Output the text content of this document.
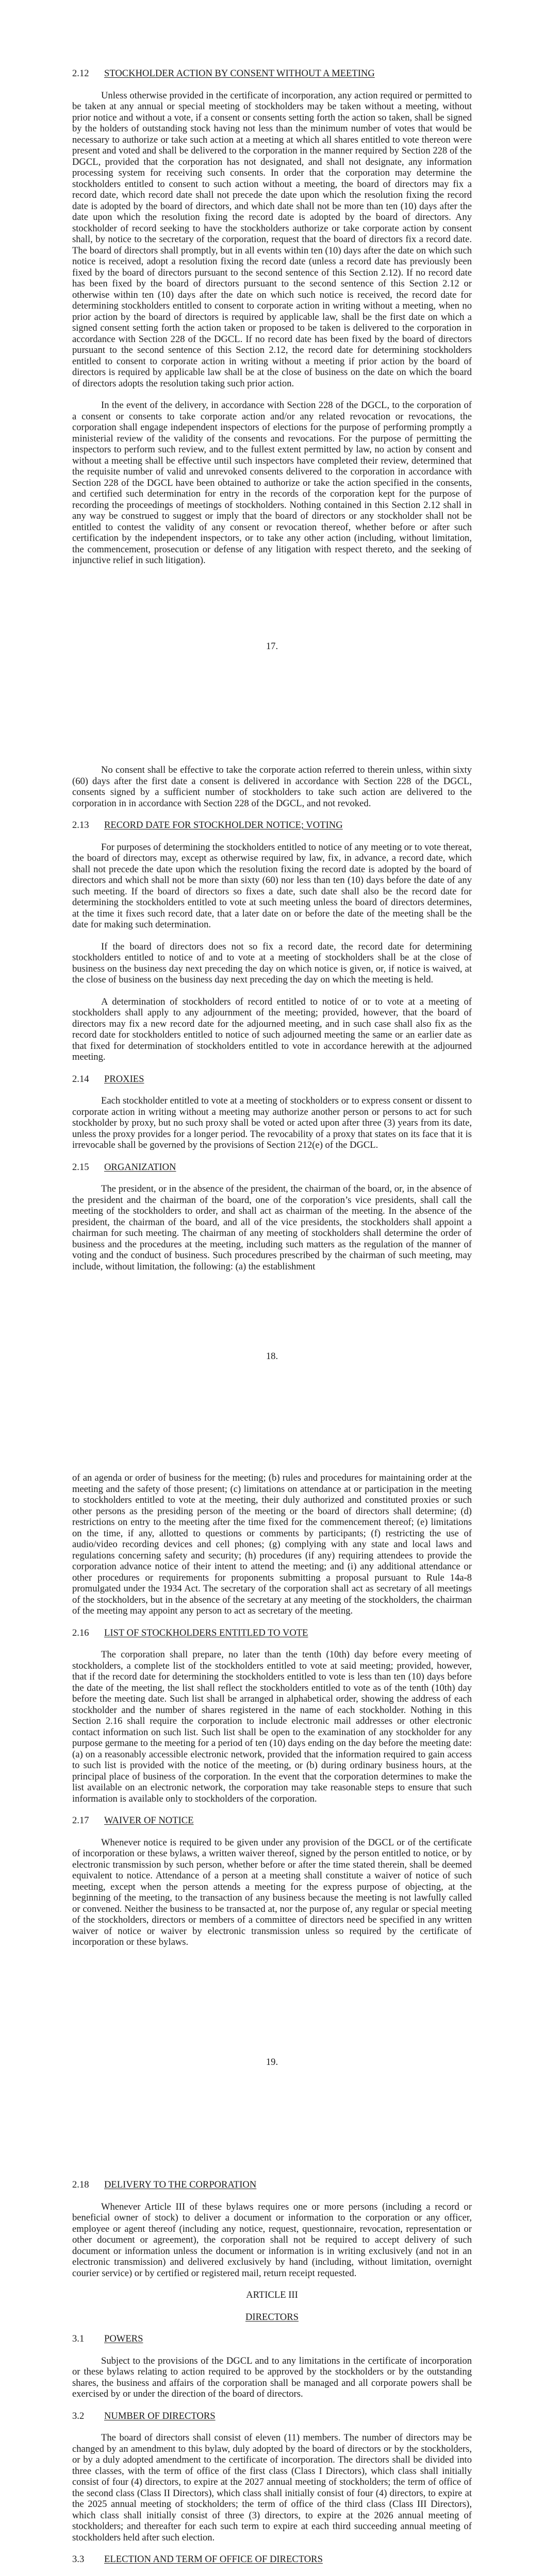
2.12	STOCKHOLDER ACTION BY CONSENT WITHOUT A MEETING

Unless otherwise provided in the certificate of incorporation, any action required or permitted to be taken at any annual or special meeting of stockholders may be taken without a meeting, without prior notice and without a vote, if a consent or consents setting forth the action so taken, shall be signed by the holders of outstanding stock having not less than the minimum number of votes that would be necessary to authorize or take such action at a meeting at which all shares entitled to vote thereon were present and voted and shall be delivered to the corporation in the manner required by Section 228 of the DGCL, provided that the corporation has not designated, and shall not designate, any information processing system for receiving such consents. In order that the corporation may determine the stockholders entitled to consent to such action without a meeting, the board of directors may fix a record date, which record date shall not precede the date upon which the resolution fixing the record date is adopted by the board of directors, and which date shall not be more than ten (10) days after the date upon which the resolution fixing the record date is adopted by the board of directors. Any stockholder of record seeking to have the stockholders authorize or take corporate action by consent shall, by notice to the secretary of the corporation, request that the board of directors fix a record date. The board of directors shall promptly, but in all events within ten (10) days after the date on which such notice is received, adopt a resolution fixing the record date (unless a record date has previously been fixed by the board of directors pursuant to the second sentence of this Section 2.12). If no record date has been fixed by the board of directors pursuant to the second sentence of this Section 2.12 or otherwise within ten (10) days after the date on which such notice is received, the record date for determining stockholders entitled to consent to corporate action in writing without a meeting, when no prior action by the board of directors is required by applicable law, shall be the first date on which a signed consent setting forth the action taken or proposed to be taken is delivered to the corporation in accordance with Section 228 of the DGCL. If no record date has been fixed by the board of directors pursuant to the second sentence of this Section 2.12, the record date for determining stockholders entitled to consent to corporate action in writing without a meeting if prior action by the board of directors is required by applicable law shall be at the close of business on the date on which the board of directors adopts the resolution taking such prior action.

In the event of the delivery, in accordance with Section 228 of the DGCL, to the corporation of a consent or consents to take corporate action and/or any related revocation or revocations, the corporation shall engage independent inspectors of elections for the purpose of performing promptly a ministerial review of the validity of the consents and revocations. For the purpose of permitting the inspectors to perform such review, and to the fullest extent permitted by law, no action by consent and without a meeting shall be effective until such inspectors have completed their review, determined that the requisite number of valid and unrevoked consents delivered to the corporation in accordance with Section 228 of the DGCL have been obtained to authorize or take the action specified in the consents, and certified such determination for entry in the records of the corporation kept for the purpose of recording the proceedings of meetings of stockholders. Nothing contained in this Section 2.12 shall in any way be construed to suggest or imply that the board of directors or any stockholder shall not be entitled to contest the validity of any consent or revocation thereof, whether before or after such certification by the independent inspectors, or to take any other action (including, without limitation, the commencement, prosecution or defense of any litigation with respect thereto, and the seeking of injunctive relief in such litigation).

17.

No consent shall be effective to take the corporate action referred to therein unless, within sixty (60) days after the first date a consent is delivered in accordance with Section 228 of the DGCL, consents signed by a sufficient number of stockholders to take such action are delivered to the corporation in in accordance with Section 228 of the DGCL, and not revoked.

2.13	RECORD DATE FOR STOCKHOLDER NOTICE; VOTING

For purposes of determining the stockholders entitled to notice of any meeting or to vote thereat, the board of directors may, except as otherwise required by law, fix, in advance, a record date, which shall not precede the date upon which the resolution fixing the record date is adopted by the board of directors and which shall not be more than sixty (60) nor less than ten (10) days before the date of any such meeting. If the board of directors so fixes a date, such date shall also be the record date for determining the stockholders entitled to vote at such meeting unless the board of directors determines, at the time it fixes such record date, that a later date on or before the date of the meeting shall be the date for making such determination.

If the board of directors does not so fix a record date, the record date for determining stockholders entitled to notice of and to vote at a meeting of stockholders shall be at the close of business on the business day next preceding the day on which notice is given, or, if notice is waived, at the close of business on the business day next preceding the day on which the meeting is held.

A determination of stockholders of record entitled to notice of or to vote at a meeting of stockholders shall apply to any adjournment of the meeting; provided, however, that the board of directors may fix a new record date for the adjourned meeting, and in such case shall also fix as the record date for stockholders entitled to notice of such adjourned meeting the same or an earlier date as that fixed for determination of stockholders entitled to vote in accordance herewith at the adjourned meeting.

2.14	PROXIES

Each stockholder entitled to vote at a meeting of stockholders or to express consent or dissent to corporate action in writing without a meeting may authorize another person or persons to act for such stockholder by proxy, but no such proxy shall be voted or acted upon after three (3) years from its date, unless the proxy provides for a longer period. The revocability of a proxy that states on its face that it is irrevocable shall be governed by the provisions of Section 212(e) of the DGCL.

2.15	ORGANIZATION

The president, or in the absence of the president, the chairman of the board, or, in the absence of the president and the chairman of the board, one of the corporation’s vice presidents, shall call the meeting of the stockholders to order, and shall act as chairman of the meeting. In the absence of the president, the chairman of the board, and all of the vice presidents, the stockholders shall appoint a chairman for such meeting. The chairman of any meeting of stockholders shall determine the order of business and the procedures at the meeting, including such matters as the regulation of the manner of voting and the conduct of business. Such procedures prescribed by the chairman of such meeting, may include, without limitation, the following: (a) the establishment

18.

of an agenda or order of business for the meeting; (b) rules and procedures for maintaining order at the meeting and the safety of those present; (c) limitations on attendance at or participation in the meeting to stockholders entitled to vote at the meeting, their duly authorized and constituted proxies or such other persons as the presiding person of the meeting or the board of directors shall determine; (d) restrictions on entry to the meeting after the time fixed for the commencement thereof; (e) limitations on the time, if any, allotted to questions or comments by participants; (f) restricting the use of audio/video recording devices and cell phones; (g) complying with any state and local laws and regulations concerning safety and security; (h) procedures (if any) requiring attendees to provide the corporation advance notice of their intent to attend the meeting; and (i) any additional attendance or other procedures or requirements for proponents submitting a proposal pursuant to Rule 14a-8 promulgated under the 1934 Act. The secretary of the corporation shall act as secretary of all meetings of the stockholders, but in the absence of the secretary at any meeting of the stockholders, the chairman of the meeting may appoint any person to act as secretary of the meeting.

2.16	LIST OF STOCKHOLDERS ENTITLED TO VOTE

The corporation shall prepare, no later than the tenth (10th) day before every meeting of stockholders, a complete list of the stockholders entitled to vote at said meeting; provided, however, that if the record date for determining the stockholders entitled to vote is less than ten (10) days before the date of the meeting, the list shall reflect the stockholders entitled to vote as of the tenth (10th) day before the meeting date. Such list shall be arranged in alphabetical order, showing the address of each stockholder and the number of shares registered in the name of each stockholder. Nothing in this Section 2.16 shall require the corporation to include electronic mail addresses or other electronic contact information on such list. Such list shall be open to the examination of any stockholder for any purpose germane to the meeting for a period of ten (10) days ending on the day before the meeting date: (a) on a reasonably accessible electronic network, provided that the information required to gain access to such list is provided with the notice of the meeting, or (b) during ordinary business hours, at the principal place of business of the corporation. In the event that the corporation determines to make the list available on an electronic network, the corporation may take reasonable steps to ensure that such information is available only to stockholders of the corporation.

2.17	WAIVER OF NOTICE

Whenever notice is required to be given under any provision of the DGCL or of the certificate of incorporation or these bylaws, a written waiver thereof, signed by the person entitled to notice, or by electronic transmission by such person, whether before or after the time stated therein, shall be deemed equivalent to notice. Attendance of a person at a meeting shall constitute a waiver of notice of such meeting, except when the person attends a meeting for the express purpose of objecting, at the beginning of the meeting, to the transaction of any business because the meeting is not lawfully called or convened. Neither the business to be transacted at, nor the purpose of, any regular or special meeting of the stockholders, directors or members of a committee of directors need be specified in any written waiver of notice or waiver by electronic transmission unless so required by the certificate of incorporation or these bylaws.

19.
2.18	DELIVERY TO THE CORPORATION

Whenever Article III of these bylaws requires one or more persons (including a record or beneficial owner of stock) to deliver a document or information to the corporation or any officer, employee or agent thereof (including any notice, request, questionnaire, revocation, representation or other document or agreement), the corporation shall not be required to accept delivery of such document or information unless the document or information is in writing exclusively (and not in an electronic transmission) and delivered exclusively by hand (including, without limitation, overnight courier service) or by certified or registered mail, return receipt requested.

ARTICLE III
DIRECTORS
3.1	POWERS

Subject to the provisions of the DGCL and to any limitations in the certificate of incorporation or these bylaws relating to action required to be approved by the stockholders or by the outstanding shares, the business and affairs of the corporation shall be managed and all corporate powers shall be exercised by or under the direction of the board of directors.

3.2	NUMBER OF DIRECTORS

The board of directors shall consist of eleven (11) members. The number of directors may be changed by an amendment to this bylaw, duly adopted by the board of directors or by the stockholders, or by a duly adopted amendment to the certificate of incorporation. The directors shall be divided into three classes, with the term of office of the first class (Class I Directors), which class shall initially consist of four (4) directors, to expire at the 2027 annual meeting of stockholders; the term of office of the second class (Class II Directors), which class shall initially consist of four (4) directors, to expire at the 2025 annual meeting of stockholders; the term of office of the third class (Class III Directors), which class shall initially consist of three (3) directors, to expire at the 2026 annual meeting of stockholders; and thereafter for each such term to expire at each third succeeding annual meeting of stockholders held after such election.

3.3	ELECTION AND TERM OF OFFICE OF DIRECTORS
